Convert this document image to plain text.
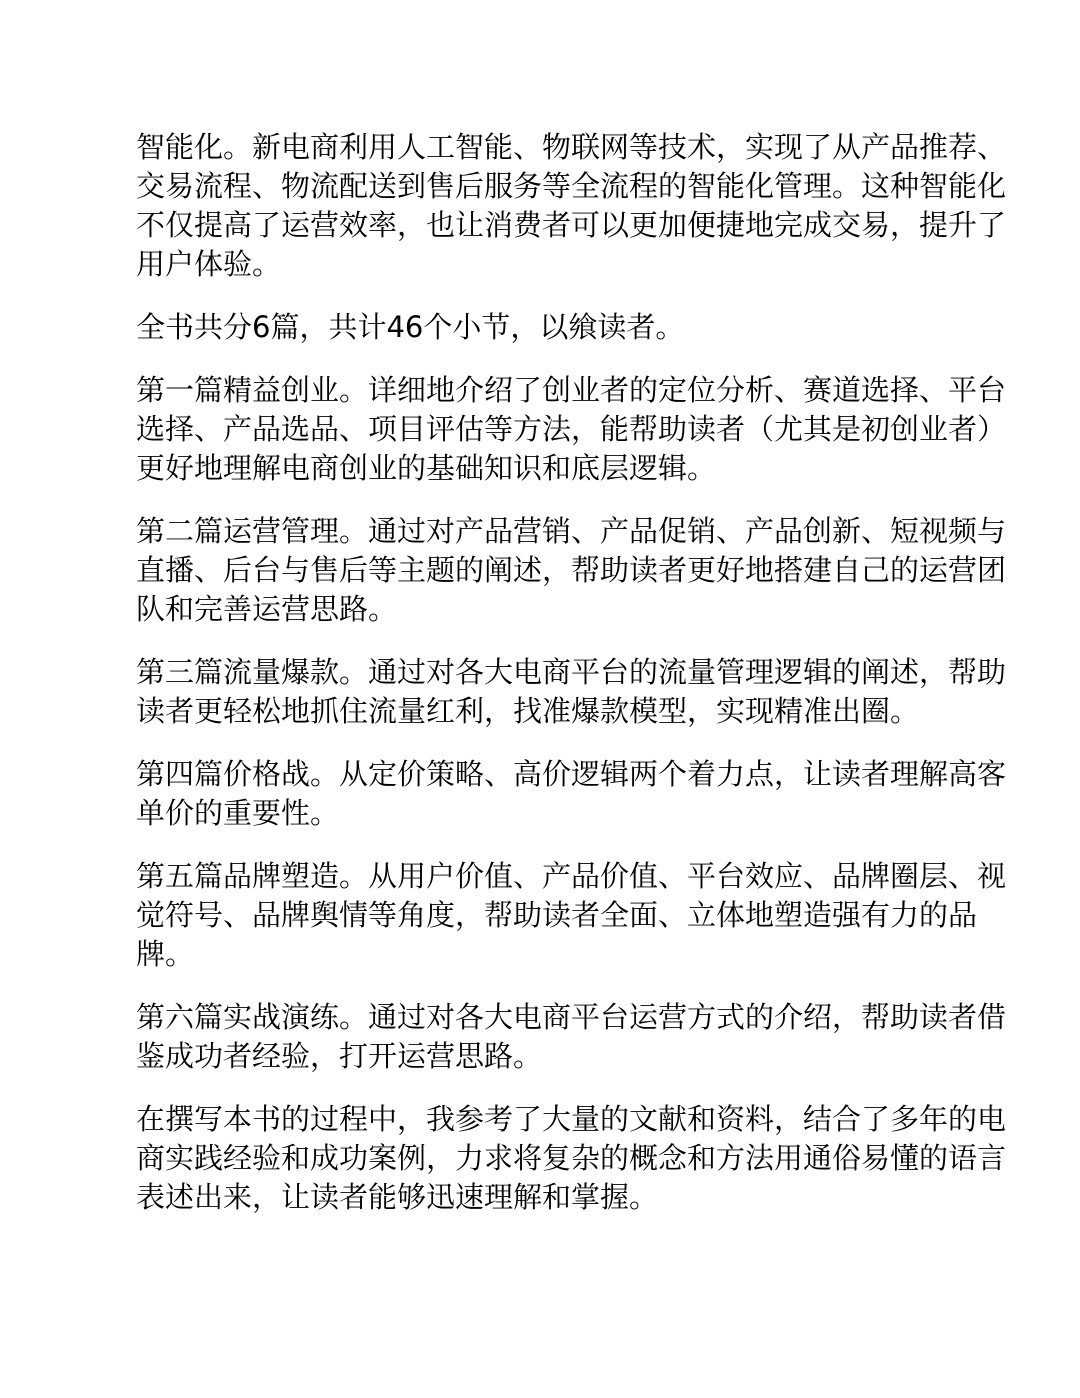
智能化。新电商利用人工智能、物联网等技术，实现了从产品推荐、
交易流程、物流配送到售后服务等全流程的智能化管理。这种智能化
不仅提高了运营效率，也让消费者可以更加便捷地完成交易，提升了
用户体验。

全书共分6篇，共计46个小节，以飨读者。

第一篇精益创业。详细地介绍了创业者的定位分析、赛道选择、平台
选择、产品选品、项目评估等方法，能帮助读者（尤其是初创业者）
更好地理解电商创业的基础知识和底层逻辑。

第二篇运营管理。通过对产品营销、产品促销、产品创新、短视频与
直播、后台与售后等主题的阐述，帮助读者更好地搭建自己的运营团
队和完善运营思路。

第三篇流量爆款。通过对各大电商平台的流量管理逻辑的阐述，帮助
读者更轻松地抓住流量红利，找准爆款模型，实现精准出圈。

第四篇价格战。从定价策略、高价逻辑两个着力点，让读者理解高客
单价的重要性。

第五篇品牌塑造。从用户价值、产品价值、平台效应、品牌圈层、视
觉符号、品牌舆情等角度，帮助读者全面、立体地塑造强有力的品
牌。

第六篇实战演练。通过对各大电商平台运营方式的介绍，帮助读者借
鉴成功者经验，打开运营思路。

在撰写本书的过程中，我参考了大量的文献和资料，结合了多年的电
商实践经验和成功案例，力求将复杂的概念和方法用通俗易懂的语言
表述出来，让读者能够迅速理解和掌握。
